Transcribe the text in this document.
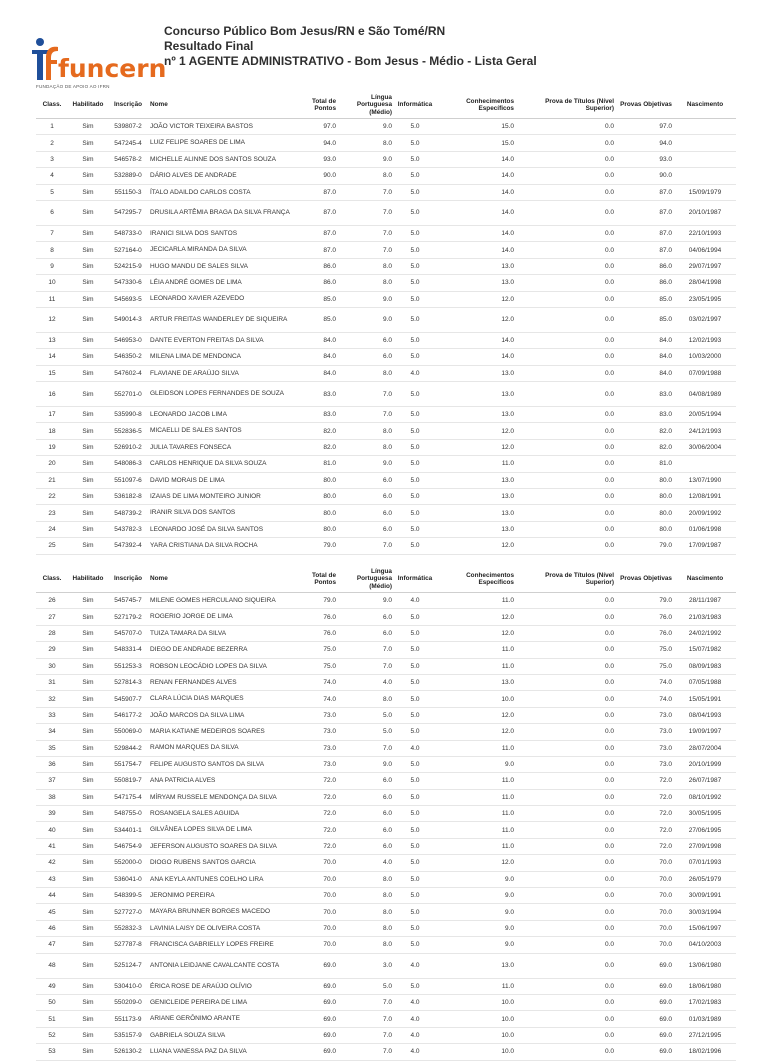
funcern
FUNDAÇÃO DE APOIO AO IFRN
Concurso Público Bom Jesus/RN e São Tomé/RN
Resultado Final
nº 1 AGENTE ADMINISTRATIVO - Bom Jesus - Médio - Lista Geral
Class.	Habilitado	Inscrição	Nome	Total de Pontos	Língua Portuguesa (Médio)	Informática	Conhecimentos Específicos	Prova de Títulos (Nível Superior)	Provas Objetivas	Nascimento
1	Sim	539807-2	JOÃO VICTOR TEIXEIRA BASTOS	97.0	9.0	5.0	15.0	0.0	97.0	
2	Sim	547245-4	LUIZ FELIPE SOARES DE LIMA	94.0	8.0	5.0	15.0	0.0	94.0	
3	Sim	546578-2	MICHELLE ALINNE DOS SANTOS SOUZA	93.0	9.0	5.0	14.0	0.0	93.0	
4	Sim	532889-0	DÁRIO ALVES DE ANDRADE	90.0	8.0	5.0	14.0	0.0	90.0	
5	Sim	551150-3	ÍTALO ADAILDO CARLOS COSTA	87.0	7.0	5.0	14.0	0.0	87.0	15/09/1979
6	Sim	547295-7	DRUSILA ARTÊMIA BRAGA DA SILVA FRANÇA	87.0	7.0	5.0	14.0	0.0	87.0	20/10/1987
7	Sim	548733-0	IRANICI SILVA DOS SANTOS	87.0	7.0	5.0	14.0	0.0	87.0	22/10/1993
8	Sim	527164-0	JECICARLA MIRANDA DA SILVA	87.0	7.0	5.0	14.0	0.0	87.0	04/06/1994
9	Sim	524215-9	HUGO MANDU DE SALES SILVA	86.0	8.0	5.0	13.0	0.0	86.0	29/07/1997
10	Sim	547330-6	LÉIA ANDRÉ GOMES DE LIMA	86.0	8.0	5.0	13.0	0.0	86.0	28/04/1998
11	Sim	545693-5	LEONARDO XAVIER AZEVEDO	85.0	9.0	5.0	12.0	0.0	85.0	23/05/1995
12	Sim	549014-3	ARTUR FREITAS WANDERLEY DE SIQUEIRA	85.0	9.0	5.0	12.0	0.0	85.0	03/02/1997
13	Sim	546953-0	DANTE EVERTON FREITAS DA SILVA	84.0	6.0	5.0	14.0	0.0	84.0	12/02/1993
14	Sim	546350-2	MILENA LIMA DE MENDONCA	84.0	6.0	5.0	14.0	0.0	84.0	10/03/2000
15	Sim	547602-4	FLAVIANE DE ARAÚJO SILVA	84.0	8.0	4.0	13.0	0.0	84.0	07/09/1988
16	Sim	552701-0	GLEIDSON LOPES FERNANDES DE SOUZA	83.0	7.0	5.0	13.0	0.0	83.0	04/08/1989
17	Sim	535990-8	LEONARDO JACOB LIMA	83.0	7.0	5.0	13.0	0.0	83.0	20/05/1994
18	Sim	552836-5	MICAELLI DE SALES SANTOS	82.0	8.0	5.0	12.0	0.0	82.0	24/12/1993
19	Sim	526910-2	JULIA TAVARES FONSECA	82.0	8.0	5.0	12.0	0.0	82.0	30/06/2004
20	Sim	548086-3	CARLOS HENRIQUE DA SILVA SOUZA	81.0	9.0	5.0	11.0	0.0	81.0	
21	Sim	551097-6	DAVID MORAIS DE LIMA	80.0	6.0	5.0	13.0	0.0	80.0	13/07/1990
22	Sim	536182-8	IZAIAS DE LIMA MONTEIRO JUNIOR	80.0	6.0	5.0	13.0	0.0	80.0	12/08/1991
23	Sim	548739-2	IRANIR SILVA DOS SANTOS	80.0	6.0	5.0	13.0	0.0	80.0	20/09/1992
24	Sim	543782-3	LEONARDO JOSÉ DA SILVA SANTOS	80.0	6.0	5.0	13.0	0.0	80.0	01/06/1998
25	Sim	547392-4	YARA CRISTIANA DA SILVA ROCHA	79.0	7.0	5.0	12.0	0.0	79.0	17/09/1987
Class.	Habilitado	Inscrição	Nome	Total de Pontos	Língua Portuguesa (Médio)	Informática	Conhecimentos Específicos	Prova de Títulos (Nível Superior)	Provas Objetivas	Nascimento
26	Sim	545745-7	MILENE GOMES HERCULANO SIQUEIRA	79.0	9.0	4.0	11.0	0.0	79.0	28/11/1987
27	Sim	527179-2	ROGERIO JORGE DE LIMA	76.0	6.0	5.0	12.0	0.0	76.0	21/03/1983
28	Sim	545707-0	TUIZA TAMARA DA SILVA	76.0	6.0	5.0	12.0	0.0	76.0	24/02/1992
29	Sim	548331-4	DIEGO DE ANDRADE BEZERRA	75.0	7.0	5.0	11.0	0.0	75.0	15/07/1982
30	Sim	551253-3	ROBSON LEOCÁDIO LOPES DA SILVA	75.0	7.0	5.0	11.0	0.0	75.0	08/09/1983
31	Sim	527814-3	RENAN FERNANDES ALVES	74.0	4.0	5.0	13.0	0.0	74.0	07/05/1988
32	Sim	545907-7	CLARA LÚCIA DIAS MARQUES	74.0	8.0	5.0	10.0	0.0	74.0	15/05/1991
33	Sim	546177-2	JOÃO MARCOS DA SILVA LIMA	73.0	5.0	5.0	12.0	0.0	73.0	08/04/1993
34	Sim	550069-0	MARIA KATIANE MEDEIROS SOARES	73.0	5.0	5.0	12.0	0.0	73.0	19/09/1997
35	Sim	529844-2	RAMON MARQUES DA SILVA	73.0	7.0	4.0	11.0	0.0	73.0	28/07/2004
36	Sim	551754-7	FELIPE AUGUSTO SANTOS DA SILVA	73.0	9.0	5.0	9.0	0.0	73.0	20/10/1999
37	Sim	550819-7	ANA PATRICIA ALVES	72.0	6.0	5.0	11.0	0.0	72.0	26/07/1987
38	Sim	547175-4	MÍRYAM RUSSELE MENDONÇA DA SILVA	72.0	6.0	5.0	11.0	0.0	72.0	08/10/1992
39	Sim	548755-0	ROSANGELA SALES AGUIDA	72.0	6.0	5.0	11.0	0.0	72.0	30/05/1995
40	Sim	534401-1	GILVÂNEA LOPES SILVA DE LIMA	72.0	6.0	5.0	11.0	0.0	72.0	27/06/1995
41	Sim	546754-9	JEFERSON AUGUSTO SOARES DA SILVA	72.0	6.0	5.0	11.0	0.0	72.0	27/09/1998
42	Sim	552000-0	DIOGO RUBENS SANTOS GARCIA	70.0	4.0	5.0	12.0	0.0	70.0	07/01/1993
43	Sim	536041-0	ANA KEYLA ANTUNES COELHO LIRA	70.0	8.0	5.0	9.0	0.0	70.0	26/05/1979
44	Sim	548399-5	JERONIMO PEREIRA	70.0	8.0	5.0	9.0	0.0	70.0	30/09/1991
45	Sim	527727-0	MAYARA BRUNNER BORGES MACEDO	70.0	8.0	5.0	9.0	0.0	70.0	30/03/1994
46	Sim	552832-3	LAVINIA LAISY DE OLIVEIRA COSTA	70.0	8.0	5.0	9.0	0.0	70.0	15/06/1997
47	Sim	527787-8	FRANCISCA GABRIELLY LOPES FREIRE	70.0	8.0	5.0	9.0	0.0	70.0	04/10/2003
48	Sim	525124-7	ANTONIA LEIDJANE CAVALCANTE COSTA	69.0	3.0	4.0	13.0	0.0	69.0	13/06/1980
49	Sim	530410-0	ÉRICA ROSE DE ARAÚJO OLÍVIO	69.0	5.0	5.0	11.0	0.0	69.0	18/06/1980
50	Sim	550209-0	GENICLEIDE PEREIRA DE LIMA	69.0	7.0	4.0	10.0	0.0	69.0	17/02/1983
51	Sim	551173-9	ARIANE GERÔNIMO ARANTE	69.0	7.0	4.0	10.0	0.0	69.0	01/03/1989
52	Sim	535157-9	GABRIELA SOUZA SILVA	69.0	7.0	4.0	10.0	0.0	69.0	27/12/1995
53	Sim	526130-2	LUANA VANESSA PAZ DA SILVA	69.0	7.0	4.0	10.0	0.0	69.0	18/02/1996
